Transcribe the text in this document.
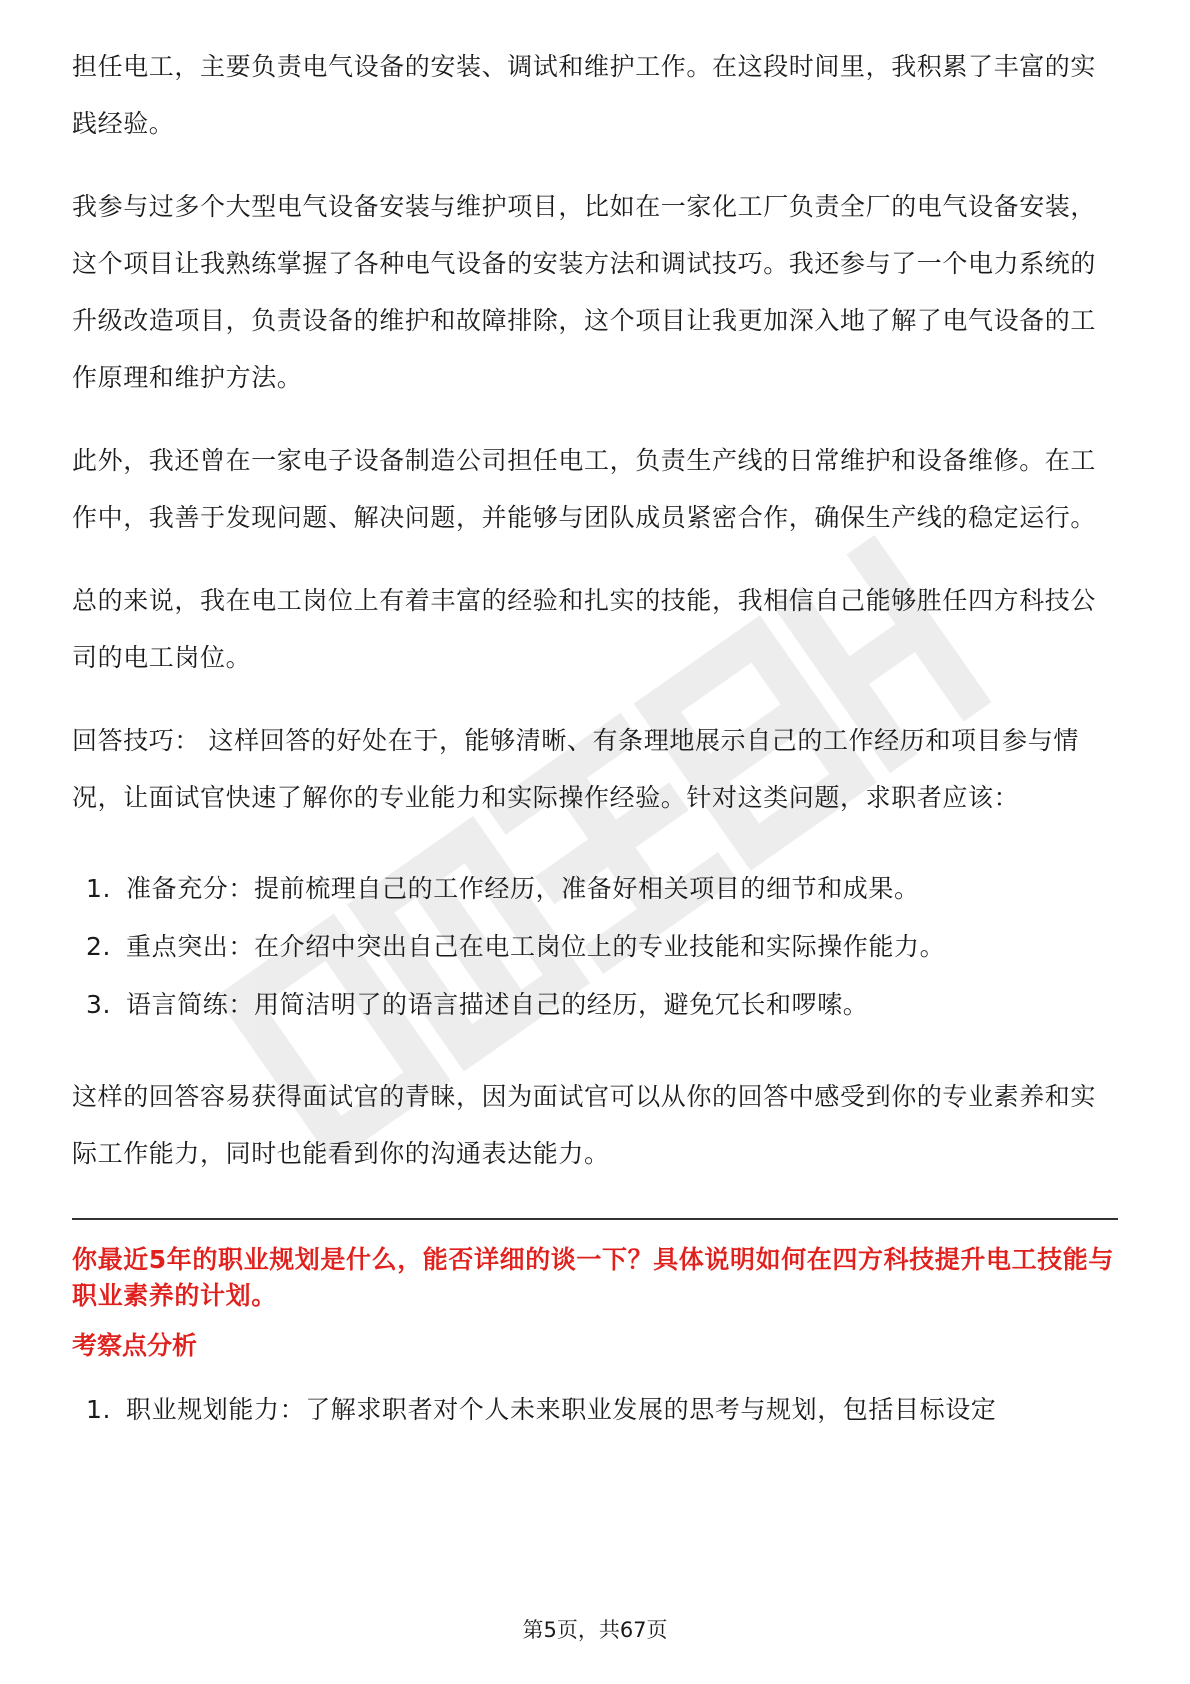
担任电工，主要负责电气设备的安装、调试和维护工作。在这段时间里，我积累了丰富的实践经验。

我参与过多个大型电气设备安装与维护项目，比如在一家化工厂负责全厂的电气设备安装，这个项目让我熟练掌握了各种电气设备的安装方法和调试技巧。我还参与了一个电力系统的升级改造项目，负责设备的维护和故障排除，这个项目让我更加深入地了解了电气设备的工作原理和维护方法。

此外，我还曾在一家电子设备制造公司担任电工，负责生产线的日常维护和设备维修。在工作中，我善于发现问题、解决问题，并能够与团队成员紧密合作，确保生产线的稳定运行。

总的来说，我在电工岗位上有着丰富的经验和扎实的技能，我相信自己能够胜任四方科技公司的电工岗位。

回答技巧： 这样回答的好处在于，能够清晰、有条理地展示自己的工作经历和项目参与情况，让面试官快速了解你的专业能力和实际操作经验。针对这类问题，求职者应该：

1. 准备充分：提前梳理自己的工作经历，准备好相关项目的细节和成果。
2. 重点突出：在介绍中突出自己在电工岗位上的专业技能和实际操作能力。
3. 语言简练：用简洁明了的语言描述自己的经历，避免冗长和啰嗦。

这样的回答容易获得面试官的青睐，因为面试官可以从你的回答中感受到你的专业素养和实际工作能力，同时也能看到你的沟通表达能力。

你最近5年的职业规划是什么，能否详细的谈一下？具体说明如何在四方科技提升电工技能与职业素养的计划。

考察点分析

1. 职业规划能力：了解求职者对个人未来职业发展的思考与规划，包括目标设定
第5页，共67页
